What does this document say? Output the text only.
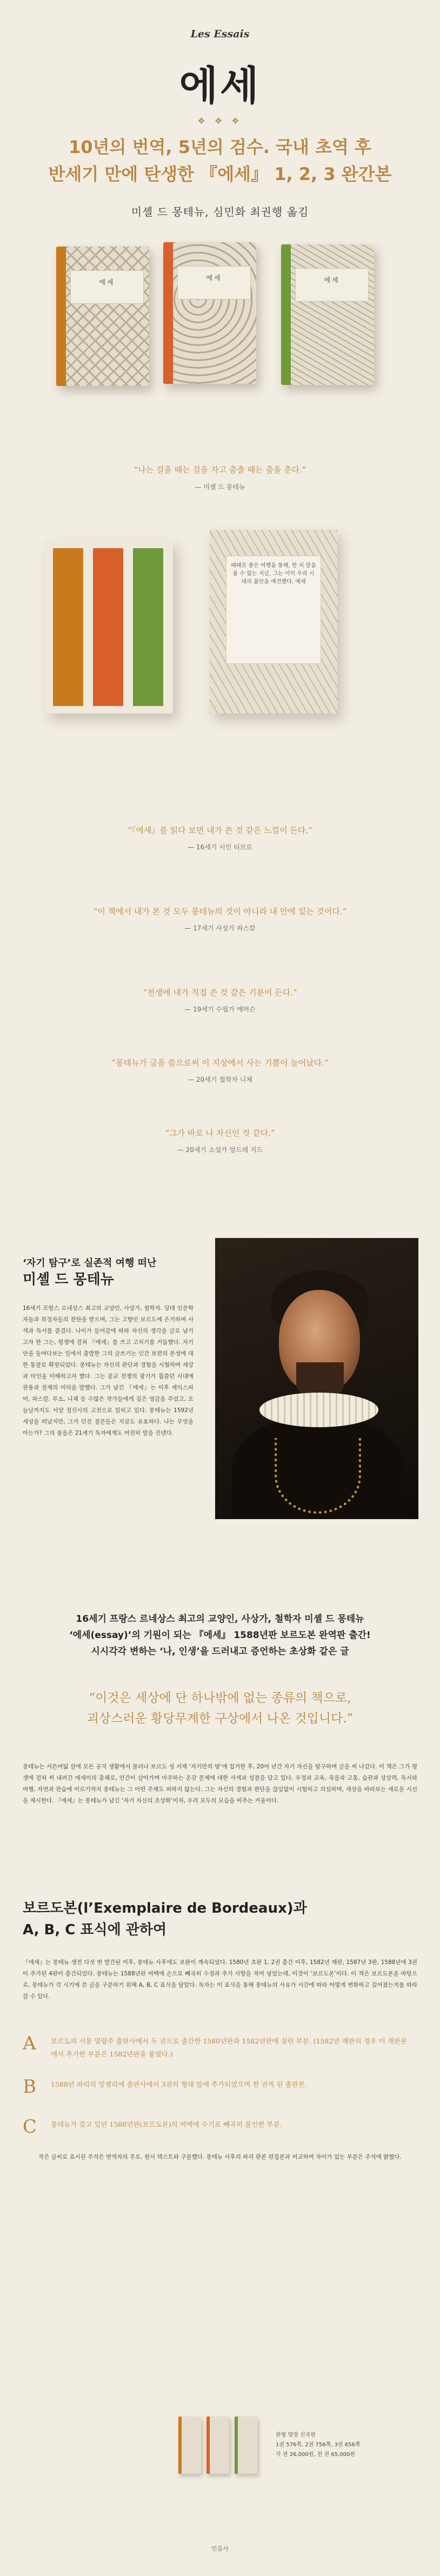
Les Essais
에세
❖ ❖ ❖
10년의 번역, 5년의 검수. 국내 초역 후
반세기 만에 탄생한 『에세』 1, 2, 3 완간본
미셸 드 몽테뉴, 심민화 최권행 옮김
에세
에세	에세
“나는 걸을 때는 걸을 자고 춤출 때는 춤을 춘다.”
— 미셸 드 몽테뉴

때때로 좋은 여행을 통해, 한 치 앞을 볼 수 없는 지금, 그는 이미 우리 시대의 불안을 예견했다. 에세

“『에세』를 읽다 보면 내가 쓴 것 같은 느낌이 든다.”
— 16세기 시인 티브로
“이 책에서 내가 본 것 모두 몽테뉴의 것이 아니라 내 안에 있는 것이다.”
— 17세기 사상가 파스칼
“전생에 내가 직접 쓴 것 같은 기분이 든다.”
— 19세기 수필가 에머슨
“몽테뉴가 글을 씀으로써 이 지상에서 사는 기쁨이 늘어났다.”
— 20세기 철학자 니체
“그가 바로 나 자신인 것 같다.”
— 20세기 소설가 앙드레 지드
‘자기 탐구’로 실존적 여행 떠난
미셸 드 몽테뉴
16세기 프랑스 르네상스 최고의 교양인, 사상가, 철학자. 당대 인문학자들과 위정자들의 찬탄을 받으며, 그는 고향인 보르도에 은거하며 사색과 독서를 즐겼다. 나이가 들어감에 따라 자신의 생각을 글로 남기고자 한 그는, 평생에 걸쳐 『에세』를 쓰고 고치기를 거듭했다. 자기 안을 들여다보는 일에서 출발한 그의 글쓰기는 인간 보편의 본성에 대한 통찰로 확장되었다. 몽테뉴는 자신의 판단과 경험을 시험하며 세상과 타인을 이해하고자 했다. 그는 종교 전쟁의 광기가 휩쓸던 시대에 관용과 절제의 미덕을 말했다. 그가 남긴 『에세』는 이후 셰익스피어, 파스칼, 루소, 니체 등 수많은 작가들에게 깊은 영감을 주었고, 오늘날까지도 서양 정신사의 고전으로 읽히고 있다. 몽테뉴는 1592년 세상을 떠났지만, 그가 던진 질문들은 지금도 유효하다. 나는 무엇을 아는가? 그의 물음은 21세기 독자에게도 여전히 말을 건넨다.
16세기 프랑스 르네상스 최고의 교양인, 사상가, 철학자 미셸 드 몽테뉴
‘에세(essay)’의 기원이 되는 『에세』 1588년판 보르도본 완역판 출간!
시시각각 변하는 ‘나, 인생’을 드러내고 증언하는 초상화 같은 글
“이것은 세상에 단 하나밖에 없는 종류의 책으로,
괴상스러운 황당무계한 구상에서 나온 것입니다.”
몽테뉴는 서른여덟 살에 모든 공직 생활에서 물러나 보르도 성 서재 ‘자기만의 방’에 칩거한 후, 20여 년간 자기 자신을 탐구하며 글을 써 나갔다. 이 책은 그가 평생에 걸쳐 써 내려간 에세이의 총체로, 인간이 살아가며 마주하는 온갖 문제에 대한 사색과 성찰을 담고 있다. 우정과 교육, 죽음과 고통, 습관과 상상력, 독서와 여행, 자연과 관습에 이르기까지 몽테뉴는 그 어떤 주제도 피하지 않는다. 그는 자신의 경험과 판단을 끊임없이 시험하고 의심하며, 세상을 바라보는 새로운 시선을 제시한다. 『에세』는 몽테뉴가 남긴 ‘자기 자신의 초상화’이자, 우리 모두의 모습을 비추는 거울이다.
보르도본(l’Exemplaire de Bordeaux)과
A, B, C 표식에 관하여
『에세』는 몽테뉴 생전 다섯 번 발간된 이후, 몽테뉴 사후에도 보완이 계속되었다. 1580년 초판 1, 2권 출간 이후, 1582년 재판, 1587년 3판, 1588년에 3권이 추가된 4판이 출간되었다. 몽테뉴는 1588년판 여백에 손으로 빼곡히 수정과 추가 사항을 적어 넣었는데, 이것이 ‘보르도본’이다. 이 책은 보르도본을 바탕으로, 몽테뉴가 각 시기에 쓴 글을 구분하기 위해 A, B, C 표식을 달았다. 독자는 이 표식을 통해 몽테뉴의 사유가 시간에 따라 어떻게 변화하고 깊어졌는지를 따라갈 수 있다.
A	보르도의 시몽 밀랑주 출판사에서 두 권으로 출간한 1580년판과 1582년판에 실린 부분. (1582년 재판의 경우 이 재판본에서 추가한 부분은 1582년판을 붙였다.)
B	1588년 파리의 앙젤리에 출판사에서 3권의 형태 앞에 추가되었으며 한 권씩 된 출판본.
C	몽테뉴가 갖고 있던 1588년판(보르도본)의 여백에 수기로 빼곡히 불인한 부분.
작은 글씨로 표시된 주석은 번역자의 주로, 원서 텍스트와 구분했다. 몽테뉴 사후의 파리 판본 편집본과 비교하여 차이가 있는 부분은 주석에 밝혔다.
판형 양장 신국판
1권 576쪽, 2권 756쪽, 3권 656쪽
각 권 26,000원, 전 권 65,000원
민음사
